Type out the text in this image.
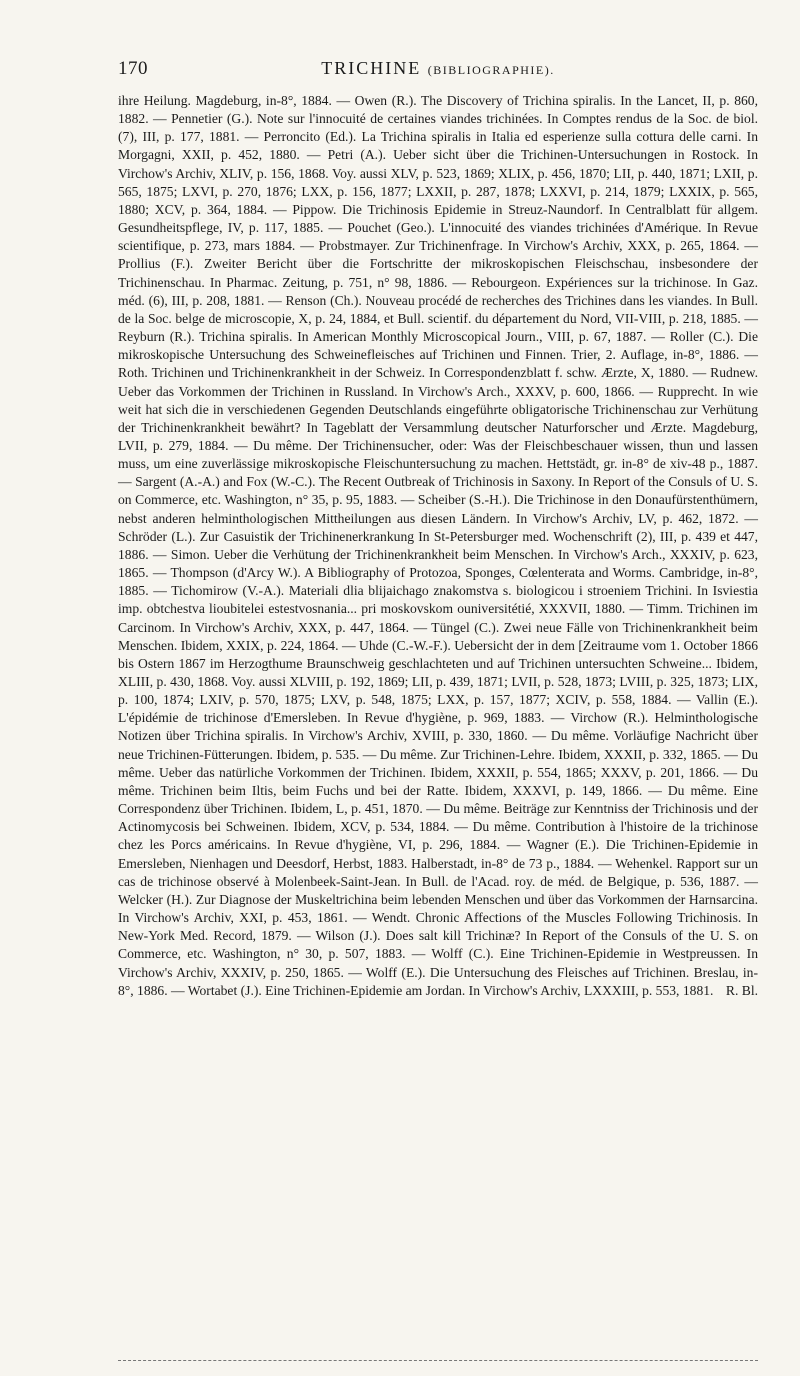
170	TRICHINE (BIBLIOGRAPHIE).
ihre Heilung. Magdeburg, in-8°, 1884. — Owen (R.). The Discovery of Trichina spiralis. In the Lancet, II, p. 860, 1882. — Pennetier (G.). Note sur l'innocuité de certaines viandes trichinées. In Comptes rendus de la Soc. de biol. (7), III, p. 177, 1881. — Perroncito (Ed.). La Trichina spiralis in Italia ed esperienze sulla cottura delle carni. In Morgagni, XXII, p. 452, 1880. — Petri (A.). Ueber sicht über die Trichinen-Untersuchungen in Rostock. In Virchow's Archiv, XLIV, p. 156, 1868. Voy. aussi XLV, p. 523, 1869; XLIX, p. 456, 1870; LII, p. 440, 1871; LXII, p. 565, 1875; LXVI, p. 270, 1876; LXX, p. 156, 1877; LXXII, p. 287, 1878; LXXVI, p. 214, 1879; LXXIX, p. 565, 1880; XCV, p. 364, 1884. — Pippow. Die Trichinosis Epidemie in Streuz-Naundorf. In Centralblatt für allgem. Gesundheitspflege, IV, p. 117, 1885. — Pouchet (Geo.). L'innocuité des viandes trichinées d'Amérique. In Revue scientifique, p. 273, mars 1884. — Probstmayer. Zur Trichinenfrage. In Virchow's Archiv, XXX, p. 265, 1864. — Prollius (F.). Zweiter Bericht über die Fortschritte der mikroskopischen Fleischschau, insbesondere der Trichinenschau. In Pharmac. Zeitung, p. 751, n° 98, 1886. — Rebourgeon. Expériences sur la trichinose. In Gaz. méd. (6), III, p. 208, 1881. — Renson (Ch.). Nouveau procédé de recherches des Trichines dans les viandes. In Bull. de la Soc. belge de microscopie, X, p. 24, 1884, et Bull. scientif. du département du Nord, VII-VIII, p. 218, 1885. — Reyburn (R.). Trichina spiralis. In American Monthly Microscopical Journ., VIII, p. 67, 1887. — Roller (C.). Die mikroskopische Untersuchung des Schweinefleisches auf Trichinen und Finnen. Trier, 2. Auflage, in-8°, 1886. — Roth. Trichinen und Trichinenkrankheit in der Schweiz. In Correspondenzblatt f. schw. Ærzte, X, 1880. — Rudnew. Ueber das Vorkommen der Trichinen in Russland. In Virchow's Arch., XXXV, p. 600, 1866. — Rupprecht. In wie weit hat sich die in verschiedenen Gegenden Deutschlands eingeführte obligatorische Trichinenschau zur Verhütung der Trichinenkrankheit bewährt? In Tageblatt der Versammlung deutscher Naturforscher und Ærzte. Magdeburg, LVII, p. 279, 1884. — Du même. Der Trichinensucher, oder: Was der Fleischbeschauer wissen, thun und lassen muss, um eine zuverlässige mikroskopische Fleischuntersuchung zu machen. Hettstädt, gr. in-8° de xiv-48 p., 1887. — Sargent (A.-A.) and Fox (W.-C.). The Recent Outbreak of Trichinosis in Saxony. In Report of the Consuls of U. S. on Commerce, etc. Washington, n° 35, p. 95, 1883. — Scheiber (S.-H.). Die Trichinose in den Donaufürstenthümern, nebst anderen helminthologischen Mittheilungen aus diesen Ländern. In Virchow's Archiv, LV, p. 462, 1872. — Schröder (L.). Zur Casuistik der Trichinenerkrankung In St-Petersburger med. Wochenschrift (2), III, p. 439 et 447, 1886. — Simon. Ueber die Verhütung der Trichinenkrankheit beim Menschen. In Virchow's Arch., XXXIV, p. 623, 1865. — Thompson (d'Arcy W.). A Bibliography of Protozoa, Sponges, Cœlenterata and Worms. Cambridge, in-8°, 1885. — Tichomirow (V.-A.). Materiali dlia blijaichago znakomstva s. biologicou i stroeniem Trichini. In Isviestia imp. obtchestva lioubitelei estestvosnania... pri moskovskom ouniversitétié, XXXVII, 1880. — Timm. Trichinen im Carcinom. In Virchow's Archiv, XXX, p. 447, 1864. — Tüngel (C.). Zwei neue Fälle von Trichinenkrankheit beim Menschen. Ibidem, XXIX, p. 224, 1864. — Uhde (C.-W.-F.). Uebersicht der in dem [Zeitraume vom 1. October 1866 bis Ostern 1867 im Herzogthume Braunschweig geschlachteten und auf Trichinen untersuchten Schweine... Ibidem, XLIII, p. 430, 1868. Voy. aussi XLVIII, p. 192, 1869; LII, p. 439, 1871; LVII, p. 528, 1873; LVIII, p. 325, 1873; LIX, p. 100, 1874; LXIV, p. 570, 1875; LXV, p. 548, 1875; LXX, p. 157, 1877; XCIV, p. 558, 1884. — Vallin (E.). L'épidémie de trichinose d'Emersleben. In Revue d'hygiène, p. 969, 1883. — Virchow (R.). Helminthologische Notizen über Trichina spiralis. In Virchow's Archiv, XVIII, p. 330, 1860. — Du même. Vorläufige Nachricht über neue Trichinen-Fütterungen. Ibidem, p. 535. — Du même. Zur Trichinen-Lehre. Ibidem, XXXII, p. 332, 1865. — Du même. Ueber das natürliche Vorkommen der Trichinen. Ibidem, XXXII, p. 554, 1865; XXXV, p. 201, 1866. — Du même. Trichinen beim Iltis, beim Fuchs und bei der Ratte. Ibidem, XXXVI, p. 149, 1866. — Du même. Eine Correspondenz über Trichinen. Ibidem, L, p. 451, 1870. — Du même. Beiträge zur Kenntniss der Trichinosis und der Actinomycosis bei Schweinen. Ibidem, XCV, p. 534, 1884. — Du même. Contribution à l'histoire de la trichinose chez les Porcs américains. In Revue d'hygiène, VI, p. 296, 1884. — Wagner (E.). Die Trichinen-Epidemie in Emersleben, Nienhagen und Deesdorf, Herbst, 1883. Halberstadt, in-8° de 73 p., 1884. — Wehenkel. Rapport sur un cas de trichinose observé à Molenbeek-Saint-Jean. In Bull. de l'Acad. roy. de méd. de Belgique, p. 536, 1887. — Welcker (H.). Zur Diagnose der Muskeltrichina beim lebenden Menschen und über das Vorkommen der Harnsarcina. In Virchow's Archiv, XXI, p. 453, 1861. — Wendt. Chronic Affections of the Muscles Following Trichinosis. In New-York Med. Record, 1879. — Wilson (J.). Does salt kill Trichinæ? In Report of the Consuls of the U. S. on Commerce, etc. Washington, n° 30, p. 507, 1883. — Wolff (C.). Eine Trichinen-Epidemie in Westpreussen. In Virchow's Archiv, XXXIV, p. 250, 1865. — Wolff (E.). Die Untersuchung des Fleisches auf Trichinen. Breslau, in-8°, 1886. — Wortabet (J.). Eine Trichinen-Epidemie am Jordan. In Virchow's Archiv, LXXXIII, p. 553, 1881. R. Bl.
